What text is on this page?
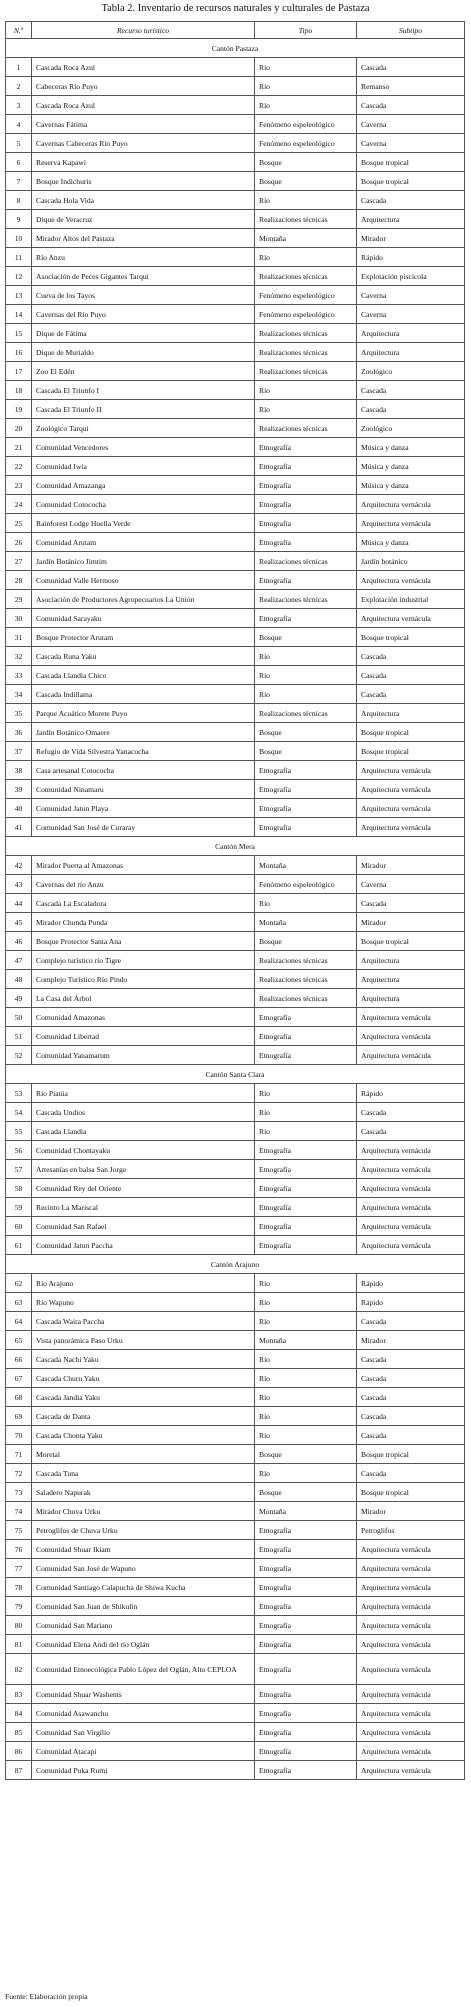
Tabla 2. Inventario de recursos naturales y culturales de Pastaza
N.º	Recurso turístico	Tipo	Subtipo
Cantón Pastaza			
1	Cascada Roca Azul	Río	Cascada
2	Cabeceras Río Puyo	Río	Remanso
3	Cascada Roca Azul	Río	Cascada
4	Cavernas Fátima	Fenómeno espeleológico	Caverna
5	Cavernas Cabeceras Río Puyo	Fenómeno espeleológico	Caverna
6	Reserva Kapawi	Bosque	Bosque tropical
7	Bosque Indichuris	Bosque	Bosque tropical
8	Cascada Hola Vida	Río	Cascada
9	Dique de Veracruz	Realizaciones técnicas	Arquitectura
10	Mirador Altos del Pastaza	Montaña	Mirador
11	Río Anzu	Río	Rápido
12	Asociación de Peces Gigantes Tarqui	Realizaciones técnicas	Explotación piscícola
13	Cueva de los Tayos	Fenómeno espeleológico	Caverna
14	Cavernas del Río Puyo	Fenómeno espeleológico	Caverna
15	Dique de Fátima	Realizaciones técnicas	Arquitectura
16	Dique de Murialdo	Realizaciones técnicas	Arquitectura
17	Zoo El Edén	Realizaciones técnicas	Zoológico
18	Cascada El Triunfo I	Río	Cascada
19	Cascada El Triunfo II	Río	Cascada
20	Zoológico Tarqui	Realizaciones técnicas	Zoológico
21	Comunidad Vencedores	Etnografía	Música y danza
22	Comunidad Iwia	Etnografía	Música y danza
23	Comunidad Amazanga	Etnografía	Música y danza
24	Comunidad Cotococha	Etnografía	Arquitectura vernácula
25	Rainforest Lodge Huella Verde	Etnografía	Arquitectura vernácula
26	Comunidad Arutam	Etnografía	Música y danza
27	Jardín Botánico Jimtim	Realizaciones técnicas	Jardín botánico
28	Comunidad Valle Hermoso	Etnografía	Arquitectura vernácula
29	Asociación de Productores Agropecuarios La Unión	Realizaciones técnicas	Explotación industrial
30	Comunidad Sarayaku	Etnografía	Arquitectura vernácula
31	Bosque Protector Arutam	Bosque	Bosque tropical
32	Cascada Runa Yaku	Río	Cascada
33	Cascada Llandia Chico	Río	Cascada
34	Cascada Indillama	Río	Cascada
35	Parque Acuático Morete Puyo	Realizaciones técnicas	Arquitectura
36	Jardín Botánico Omaere	Bosque	Bosque tropical
37	Refugio de Vida Silvestra Yanacocha	Bosque	Bosque tropical
38	Casa artesanal Cotococha	Etnografía	Arquitectura vernácula
39	Comunidad Ninamaru	Etnografía	Arquitectura vernácula
40	Comunidad Jatun Playa	Etnografía	Arquitectura vernácula
41	Comunidad San José de Curaray	Etnografía	Arquitectura vernácula
Cantón Mera			
42	Mirador Puerta al Amazonas	Montaña	Mirador
43	Cavernas del río Anzu	Fenómeno espeleológico	Caverna
44	Cascada La Escaladora	Río	Cascada
45	Mirador Chunda Punda	Montaña	Mirador
46	Bosque Protector Santa Ana	Bosque	Bosque tropical
47	Complejo turístico río Tigre	Realizaciones técnicas	Arquitectura
48	Complejo Turístico Río Pindo	Realizaciones técnicas	Arquitectura
49	La Casa del Árbol	Realizaciones técnicas	Arquitectura
50	Comunidad Amazonas	Etnografía	Arquitectura vernácula
51	Comunidad Libertad	Etnografía	Arquitectura vernácula
52	Comunidad Yanamarum	Etnografía	Arquitectura vernácula
Cantón Santa Clara			
53	Río Piatúa	Río	Rápido
54	Cascada Undios	Río	Cascada
55	Cascada Llandia	Río	Cascada
56	Comunidad Chontayaku	Etnografía	Arquitectura vernácula
57	Artesanías en balsa San Jorge	Etnografía	Arquitectura vernácula
58	Comunidad Rey del Oriente	Etnografía	Arquitectura vernácula
59	Recinto La Mariscal	Etnografía	Arquitectura vernácula
60	Comunidad San Rafael	Etnografía	Arquitectura vernácula
61	Comunidad Jatun Paccha	Etnografía	Arquitectura vernácula
Cantón Arajuno			
62	Río Arajuno	Río	Rápido
63	Río Wapuno	Río	Rápido
64	Cascada Waira Paccha	Río	Cascada
65	Vista panorámica Paso Urku	Montaña	Mirador
66	Cascada Nachi Yaku	Río	Cascada
67	Cascada Churu Yaku	Río	Cascada
68	Cascada Jandia Yaku	Río	Cascada
69	Cascada de Danta	Río	Cascada
70	Cascada Chonta Yaku	Río	Cascada
71	Moretal	Bosque	Bosque tropical
72	Cascada Tuna	Río	Cascada
73	Saladero Napurak	Bosque	Bosque tropical
74	Mirador Chuva Urku	Montaña	Mirador
75	Petroglifos de Chuva Urku	Etnografía	Petroglifos
76	Comunidad Shuar Ikiam	Etnografía	Arquitectura vernácula
77	Comunidad San José de Wapuno	Etnografía	Arquitectura vernácula
78	Comunidad Santiago Calapucha de Shiwa Kucha	Etnografía	Arquitectura vernácula
79	Comunidad San Juan de Shikulin	Etnografía	Arquitectura vernácula
80	Comunidad San Mariano	Etnografía	Arquitectura vernácula
81	Comunidad Elena Andi del río Oglán	Etnografía	Arquitectura vernácula
82	Comunidad Etnoecológica Pablo López del Oglán, Alto CEPLOA	Etnografía	Arquitectura vernácula
83	Comunidad Shuar Washents	Etnografía	Arquitectura vernácula
84	Comunidad Asawanchu	Etnografía	Arquitectura vernácula
85	Comunidad San Virgilio	Etnografía	Arquitectura vernácula
86	Comunidad Atacapi	Etnografía	Arquitectura vernácula
87	Comunidad Puka Rumi	Etnografía	Arquitectura vernácula
Fuente: Elaboración propia
